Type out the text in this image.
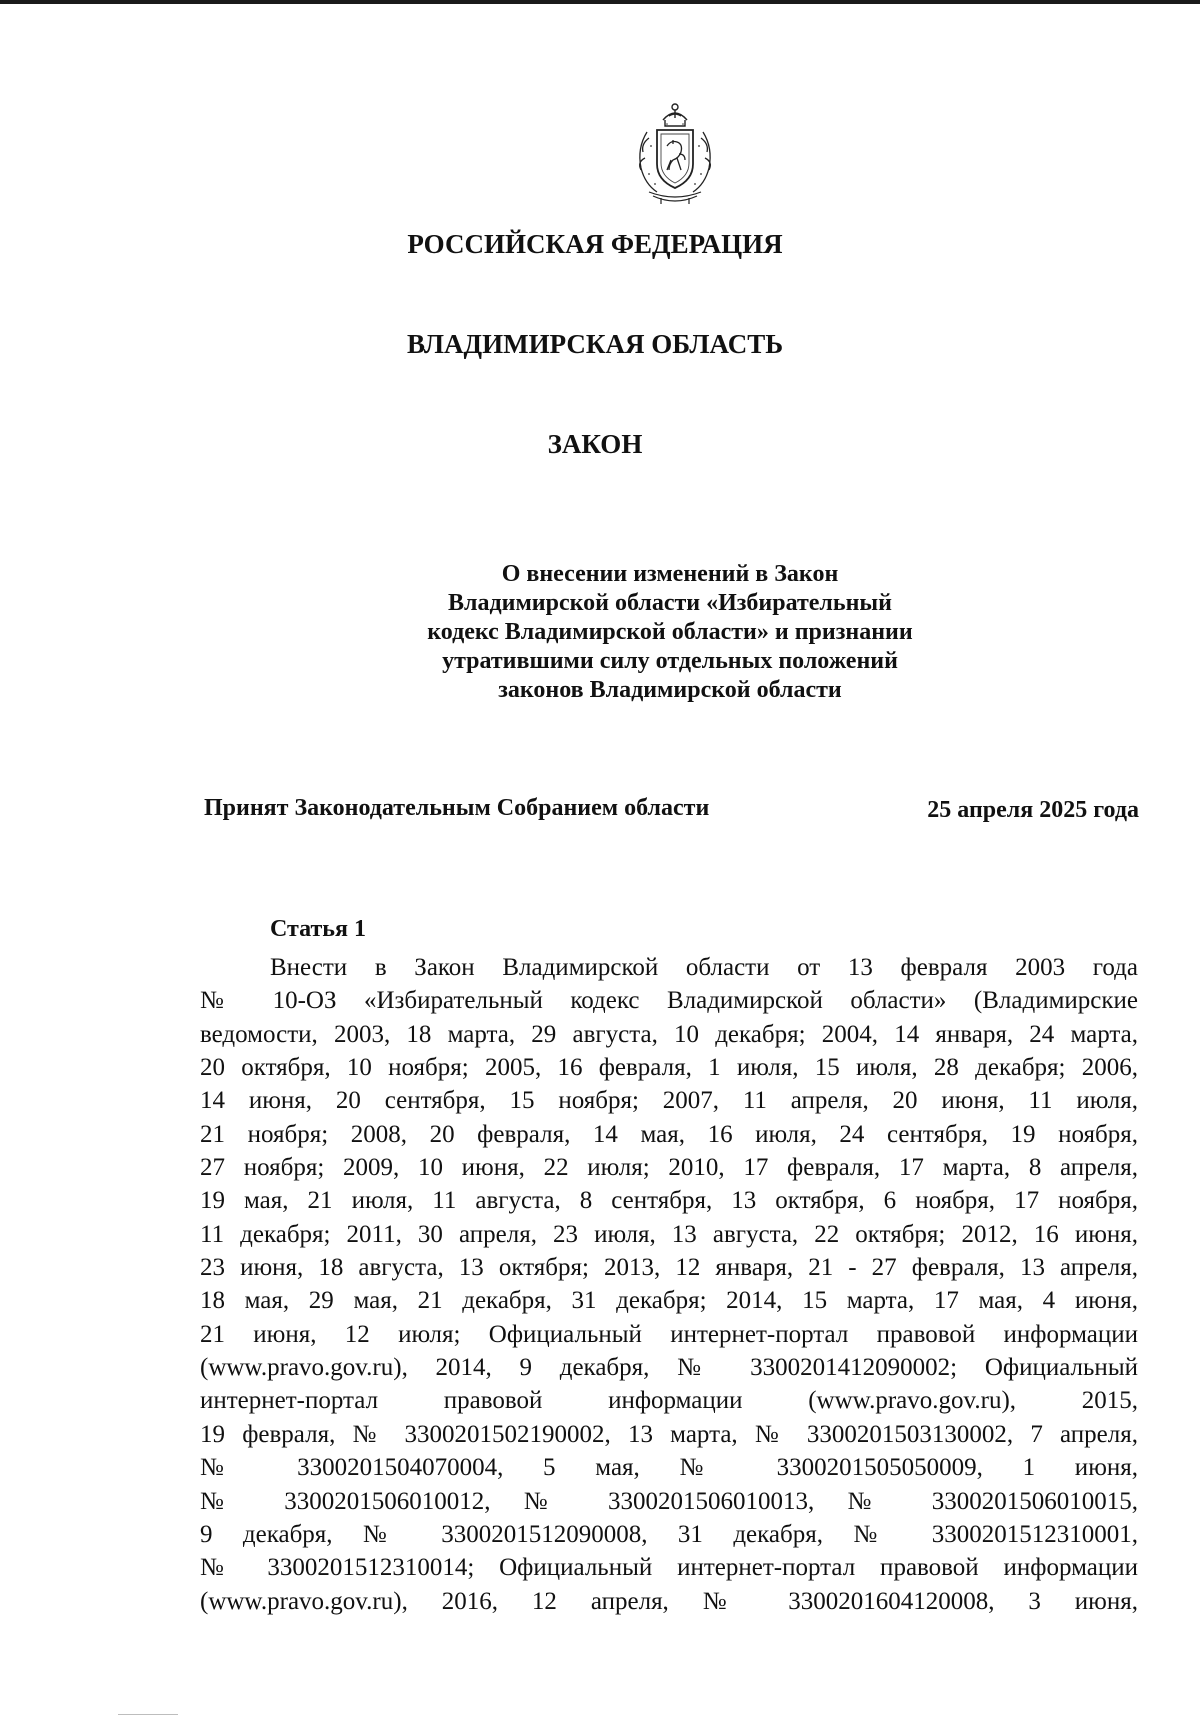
РОССИЙСКАЯ ФЕДЕРАЦИЯ
ВЛАДИМИРСКАЯ ОБЛАСТЬ
ЗАКОН
О внесении изменений в Закон
Владимирской области «Избирательный
кодекс Владимирской области» и признании
утратившими силу отдельных положений
законов Владимирской области
Принят Законодательным Собранием области	25 апреля 2025 года
Статья 1
Внести в Закон Владимирской области от 13 февраля 2003 года
№ 10-ОЗ «Избирательный кодекс Владимирской области» (Владимирские
ведомости, 2003, 18 марта, 29 августа, 10 декабря; 2004, 14 января, 24 марта,
20 октября, 10 ноября; 2005, 16 февраля, 1 июля, 15 июля, 28 декабря; 2006,
14 июня, 20 сентября, 15 ноября; 2007, 11 апреля, 20 июня, 11 июля,
21 ноября; 2008, 20 февраля, 14 мая, 16 июля, 24 сентября, 19 ноября,
27 ноября; 2009, 10 июня, 22 июля; 2010, 17 февраля, 17 марта, 8 апреля,
19 мая, 21 июля, 11 августа, 8 сентября, 13 октября, 6 ноября, 17 ноября,
11 декабря; 2011, 30 апреля, 23 июля, 13 августа, 22 октября; 2012, 16 июня,
23 июня, 18 августа, 13 октября; 2013, 12 января, 21 - 27 февраля, 13 апреля,
18 мая, 29 мая, 21 декабря, 31 декабря; 2014, 15 марта, 17 мая, 4 июня,
21 июня, 12 июля; Официальный интернет-портал правовой информации
(www.pravo.gov.ru), 2014, 9 декабря, № 3300201412090002; Официальный
интернет-портал правовой информации (www.pravo.gov.ru), 2015,
19 февраля, № 3300201502190002, 13 марта, № 3300201503130002, 7 апреля,
№ 3300201504070004, 5 мая, № 3300201505050009, 1 июня,
№ 3300201506010012, № 3300201506010013, № 3300201506010015,
9 декабря, № 3300201512090008, 31 декабря, № 3300201512310001,
№ 3300201512310014; Официальный интернет-портал правовой информации
(www.pravo.gov.ru), 2016, 12 апреля, № 3300201604120008, 3 июня,
